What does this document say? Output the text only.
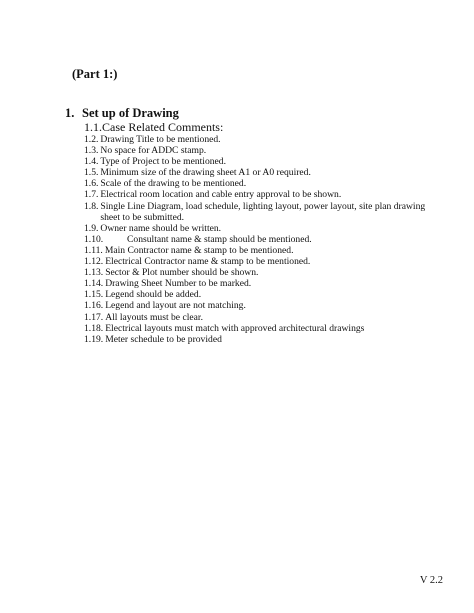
(Part 1:)
1. Set up of Drawing
1.1.Case Related Comments:
1.2. Drawing Title to be mentioned.
1.3. No space for ADDC stamp.
1.4. Type of Project to be mentioned.
1.5. Minimum size of the drawing sheet A1 or A0 required.
1.6. Scale of the drawing to be mentioned.
1.7. Electrical room location and cable entry approval to be shown.
1.8. Single Line Diagram, load schedule, lighting layout, power layout, site plan drawing sheet to be submitted.
1.9. Owner name should be written.
1.10.	Consultant name & stamp should be mentioned.
1.11. Main Contractor name & stamp to be mentioned.
1.12. Electrical Contractor name & stamp to be mentioned.
1.13. Sector & Plot number should be shown.
1.14. Drawing Sheet Number to be marked.
1.15. Legend should be added.
1.16. Legend and layout are not matching.
1.17. All layouts must be clear.
1.18. Electrical layouts must match with approved architectural drawings
1.19. Meter schedule to be provided
V 2.2
